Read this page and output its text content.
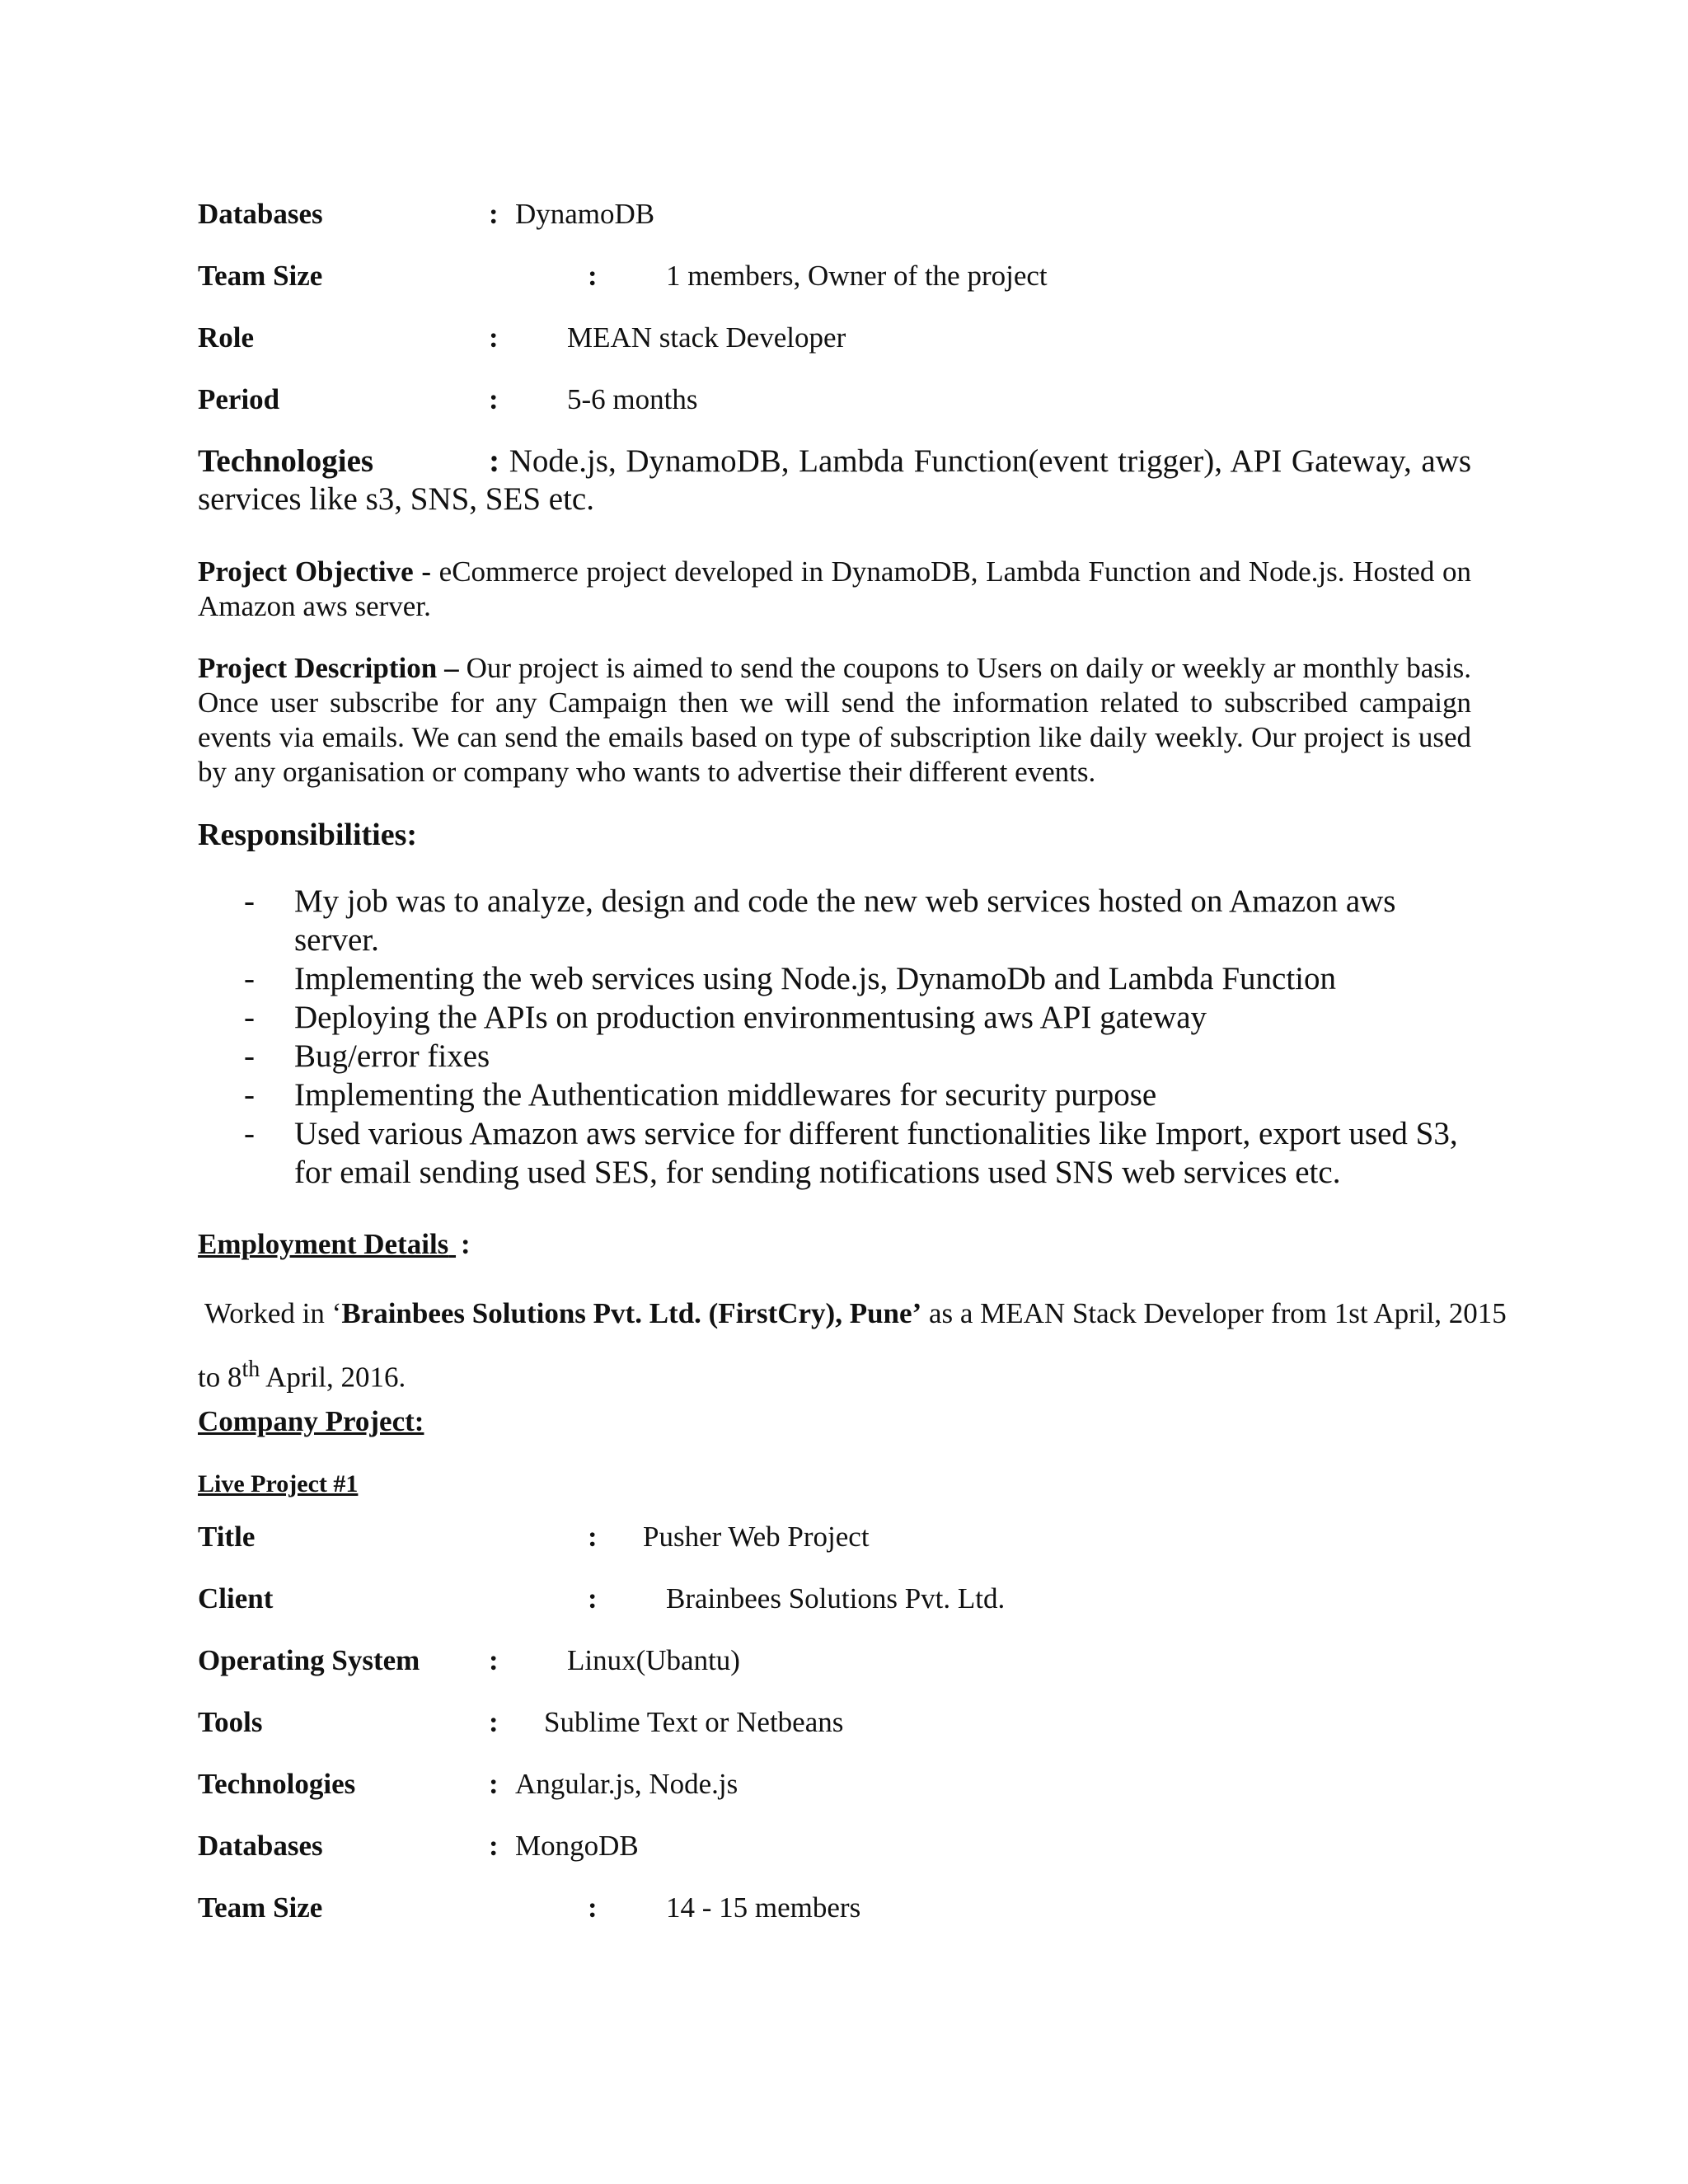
Databases	: DynamoDB
Team Size	: 1 members, Owner of the project
Role	: MEAN stack Developer
Period	: 5-6 months
Technologies	: Node.js, DynamoDB, Lambda Function(event trigger), API Gateway, aws services like s3, SNS, SES etc.
Project Objective - eCommerce project developed in DynamoDB, Lambda Function and Node.js. Hosted on Amazon aws server.
Project Description – Our project is aimed to send the coupons to Users on daily or weekly ar monthly basis. Once user subscribe for any Campaign then we will send the information related to subscribed campaign events via emails. We can send the emails based on type of subscription like daily weekly. Our project is used by any organisation or company who wants to advertise their different events.
Responsibilities:
- My job was to analyze, design and code the new web services hosted on Amazon aws server.
- Implementing the web services using Node.js, DynamoDb and Lambda Function
- Deploying the APIs on production environmentusing aws API gateway
- Bug/error fixes
- Implementing the Authentication middlewares for security purpose
- Used various Amazon aws service for different functionalities like Import, export used S3, for email sending used SES, for sending notifications used SNS web services etc.
Employment Details :
Worked in ‘Brainbees Solutions Pvt. Ltd. (FirstCry), Pune’ as a MEAN Stack Developer from 1st April, 2015 to 8th April, 2016.
Company Project:
Live Project #1
Title	: Pusher Web Project
Client	: Brainbees Solutions Pvt. Ltd.
Operating System : Linux(Ubantu)
Tools	: Sublime Text or Netbeans
Technologies	: Angular.js, Node.js
Databases	: MongoDB
Team Size	: 14 - 15 members
